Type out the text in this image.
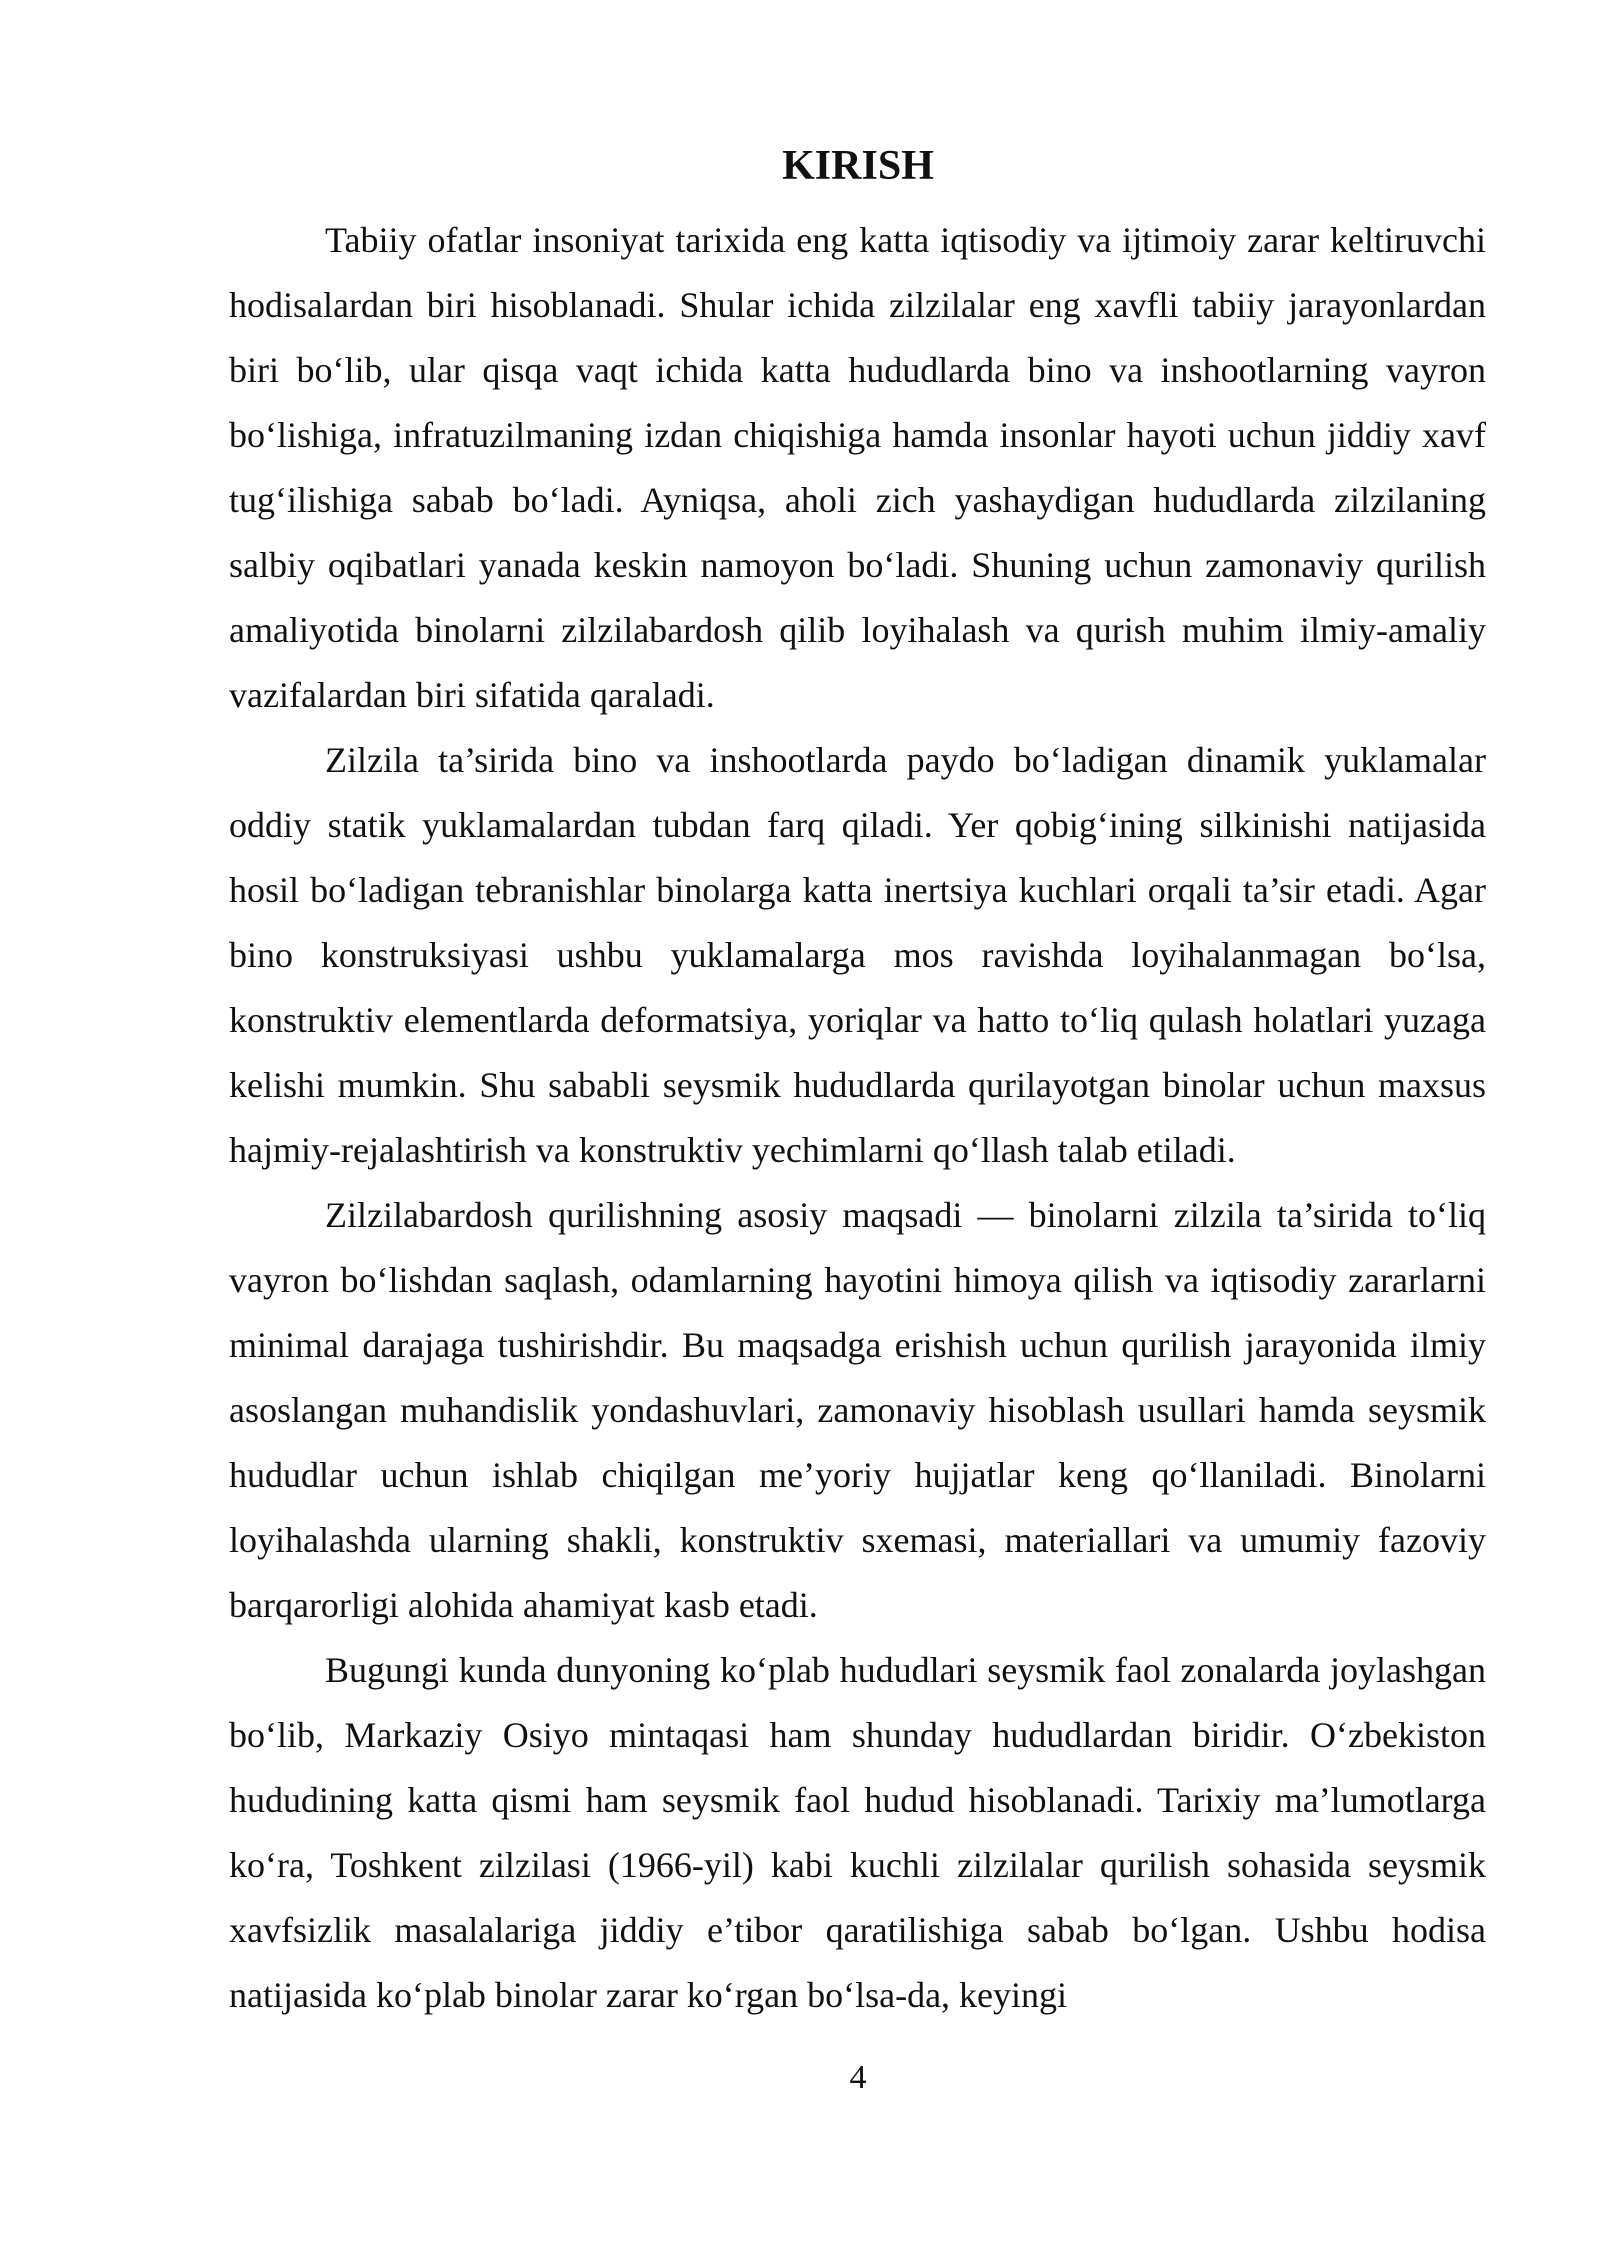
KIRISH

Tabiiy ofatlar insoniyat tarixida eng katta iqtisodiy va ijtimoiy zarar keltiruvchi hodisalardan biri hisoblanadi. Shular ichida zilzilalar eng xavfli tabiiy jarayonlardan biri bo‘lib, ular qisqa vaqt ichida katta hududlarda bino va inshootlarning vayron bo‘lishiga, infratuzilmaning izdan chiqishiga hamda insonlar hayoti uchun jiddiy xavf tug‘ilishiga sabab bo‘ladi. Ayniqsa, aholi zich yashaydigan hududlarda zilzilaning salbiy oqibatlari yanada keskin namoyon bo‘ladi. Shuning uchun zamonaviy qurilish amaliyotida binolarni zilzilabardosh qilib loyihalash va qurish muhim ilmiy-amaliy vazifalardan biri sifatida qaraladi.

Zilzila ta’sirida bino va inshootlarda paydo bo‘ladigan dinamik yuklamalar oddiy statik yuklamalardan tubdan farq qiladi. Yer qobig‘ining silkinishi natijasida hosil bo‘ladigan tebranishlar binolarga katta inertsiya kuchlari orqali ta’sir etadi. Agar bino konstruksiyasi ushbu yuklamalarga mos ravishda loyihalanmagan bo‘lsa, konstruktiv elementlarda deformatsiya, yoriqlar va hatto to‘liq qulash holatlari yuzaga kelishi mumkin. Shu sababli seysmik hududlarda qurilayotgan binolar uchun maxsus hajmiy-rejalashtirish va konstruktiv yechimlarni qo‘llash talab etiladi.

Zilzilabardosh qurilishning asosiy maqsadi — binolarni zilzila ta’sirida to‘liq vayron bo‘lishdan saqlash, odamlarning hayotini himoya qilish va iqtisodiy zararlarni minimal darajaga tushirishdir. Bu maqsadga erishish uchun qurilish jarayonida ilmiy asoslangan muhandislik yondashuvlari, zamonaviy hisoblash usullari hamda seysmik hududlar uchun ishlab chiqilgan me’yoriy hujjatlar keng qo‘llaniladi. Binolarni loyihalashda ularning shakli, konstruktiv sxemasi, materiallari va umumiy fazoviy barqarorligi alohida ahamiyat kasb etadi.

Bugungi kunda dunyoning ko‘plab hududlari seysmik faol zonalarda joylashgan bo‘lib, Markaziy Osiyo mintaqasi ham shunday hududlardan biridir. O‘zbekiston hududining katta qismi ham seysmik faol hudud hisoblanadi. Tarixiy ma’lumotlarga ko‘ra, Toshkent zilzilasi (1966-yil) kabi kuchli zilzilalar qurilish sohasida seysmik xavfsizlik masalalariga jiddiy e’tibor qaratilishiga sabab bo‘lgan. Ushbu hodisa natijasida ko‘plab binolar zarar ko‘rgan bo‘lsa-da, keyingi

4
